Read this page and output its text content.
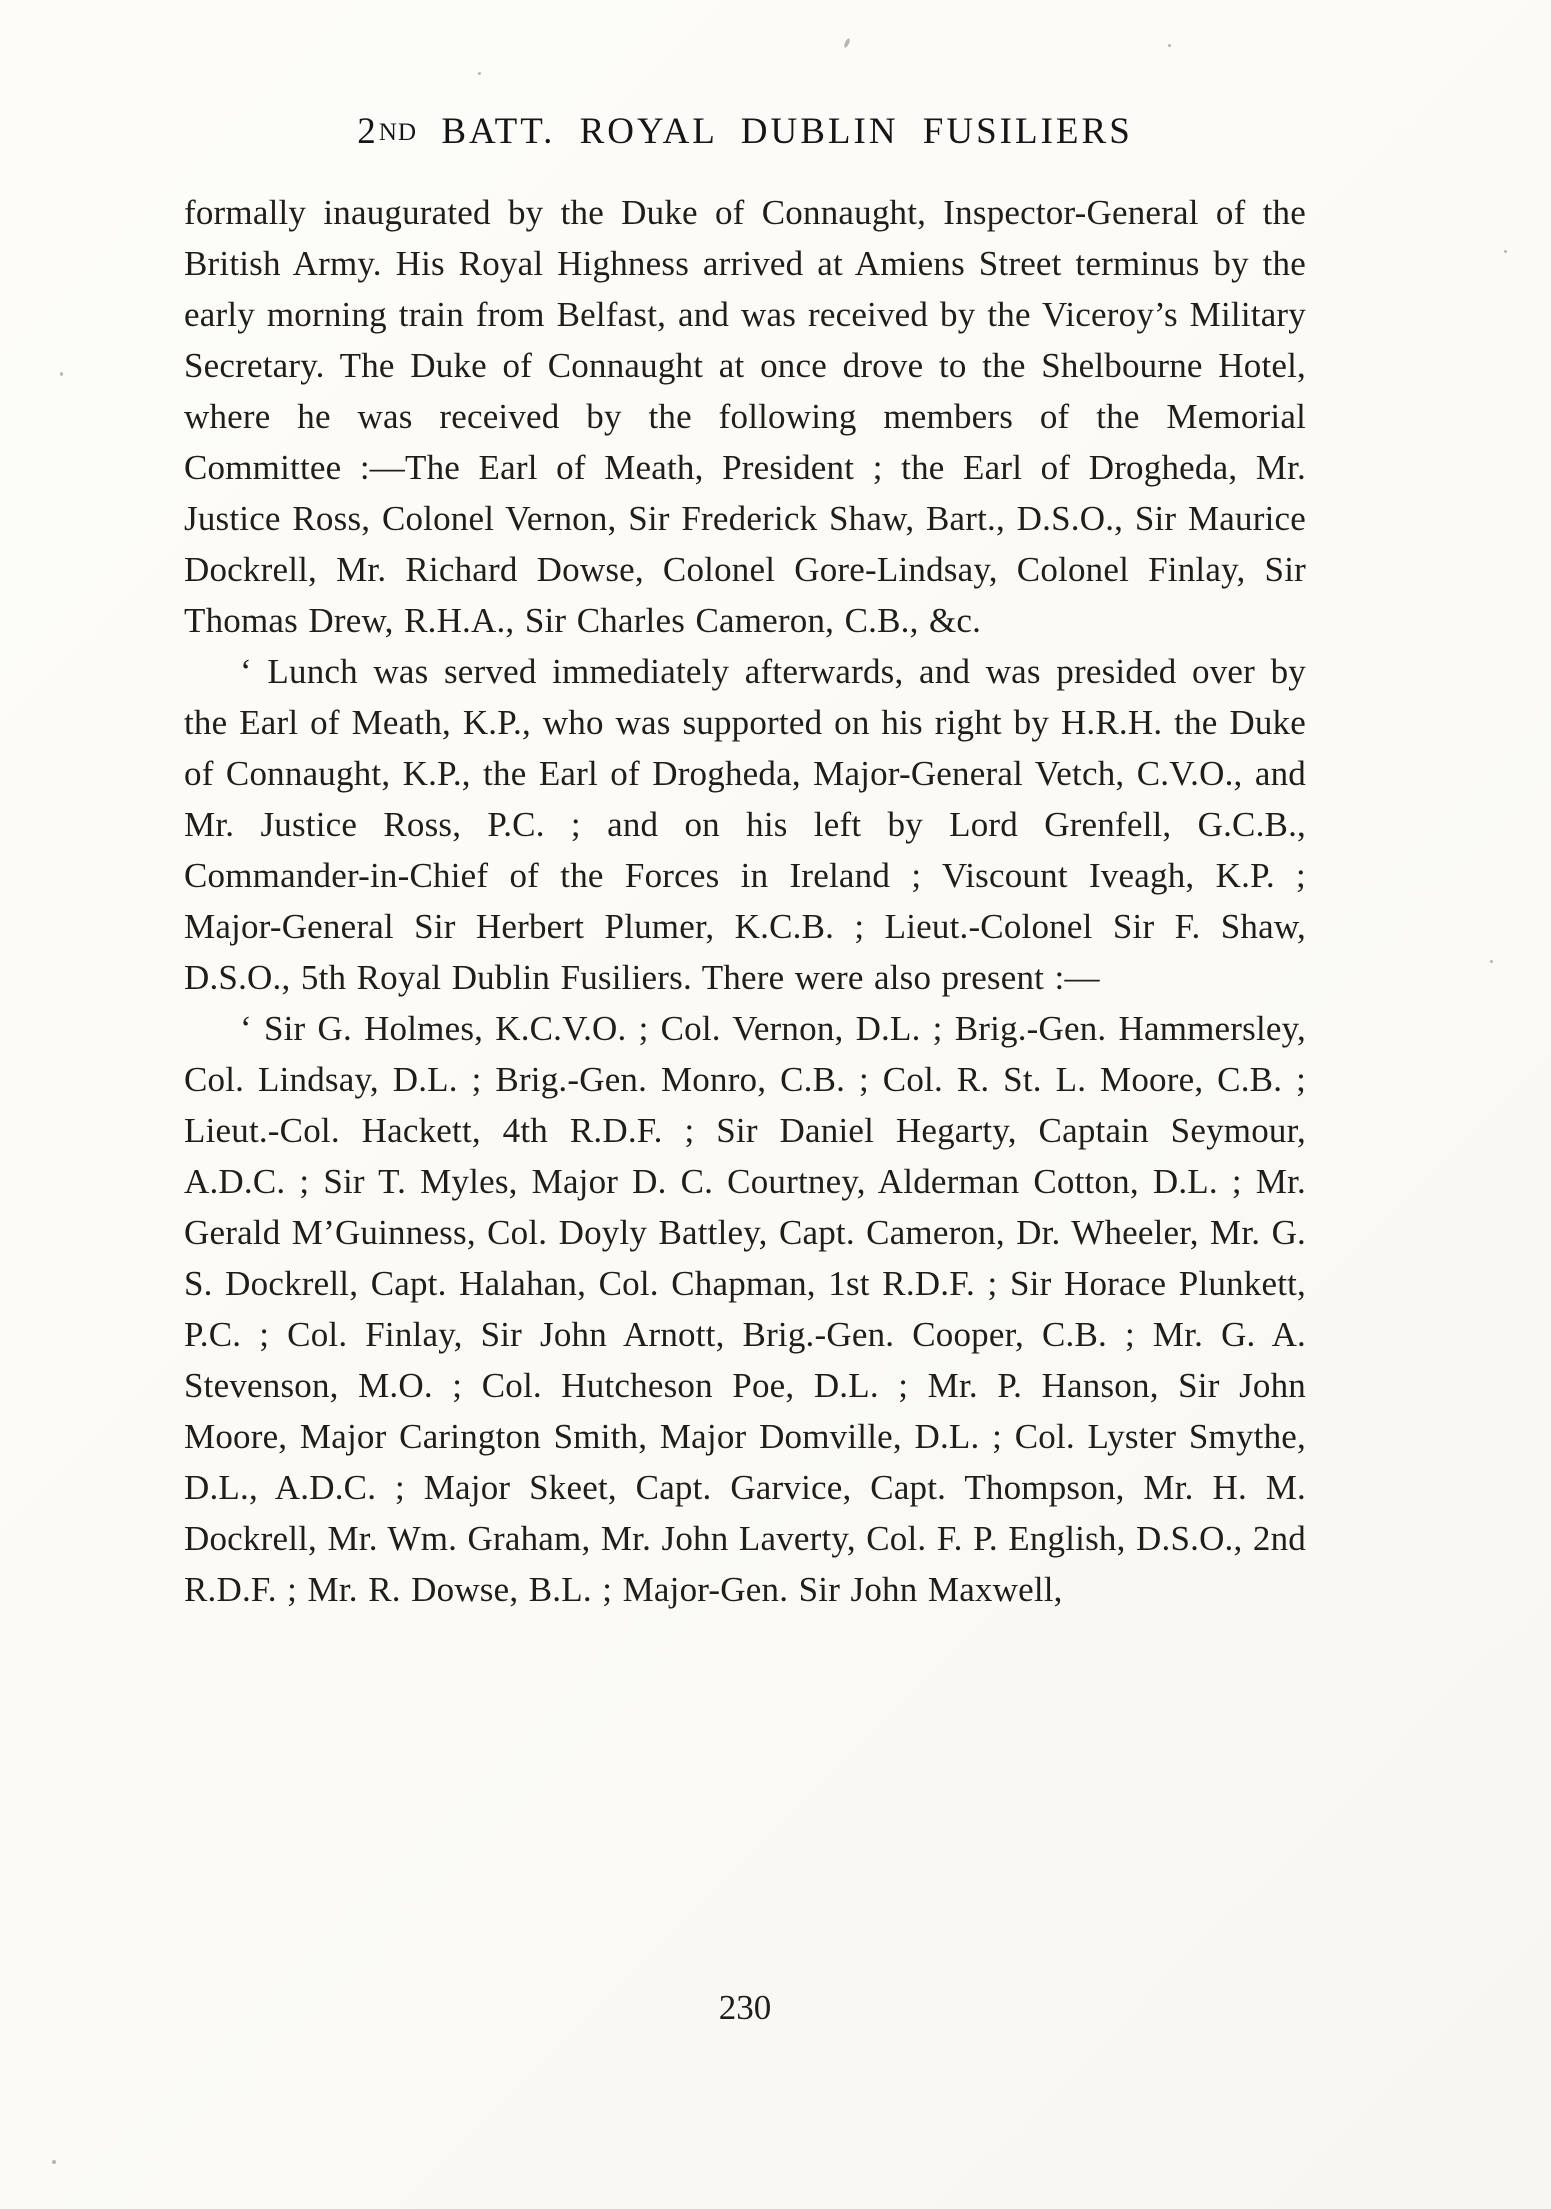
2ND BATT. ROYAL DUBLIN FUSILIERS

formally inaugurated by the Duke of Connaught, Inspector-General of the British Army. His Royal Highness arrived at Amiens Street terminus by the early morning train from Belfast, and was received by the Viceroy’s Military Secretary. The Duke of Connaught at once drove to the Shelbourne Hotel, where he was received by the following members of the Memorial Committee :—The Earl of Meath, President ; the Earl of Drogheda, Mr. Justice Ross, Colonel Vernon, Sir Frederick Shaw, Bart., D.S.O., Sir Maurice Dockrell, Mr. Richard Dowse, Colonel Gore-Lindsay, Colonel Finlay, Sir Thomas Drew, R.H.A., Sir Charles Cameron, C.B., &c.

‘ Lunch was served immediately afterwards, and was presided over by the Earl of Meath, K.P., who was supported on his right by H.R.H. the Duke of Connaught, K.P., the Earl of Drogheda, Major-General Vetch, C.V.O., and Mr. Justice Ross, P.C. ; and on his left by Lord Grenfell, G.C.B., Commander-in-Chief of the Forces in Ireland ; Viscount Iveagh, K.P. ; Major-General Sir Herbert Plumer, K.C.B. ; Lieut.-Colonel Sir F. Shaw, D.S.O., 5th Royal Dublin Fusiliers. There were also present :—

‘ Sir G. Holmes, K.C.V.O. ; Col. Vernon, D.L. ; Brig.-Gen. Hammersley, Col. Lindsay, D.L. ; Brig.-Gen. Monro, C.B. ; Col. R. St. L. Moore, C.B. ; Lieut.-Col. Hackett, 4th R.D.F. ; Sir Daniel Hegarty, Captain Seymour, A.D.C. ; Sir T. Myles, Major D. C. Courtney, Alderman Cotton, D.L. ; Mr. Gerald M’Guinness, Col. Doyly Battley, Capt. Cameron, Dr. Wheeler, Mr. G. S. Dockrell, Capt. Halahan, Col. Chapman, 1st R.D.F. ; Sir Horace Plunkett, P.C. ; Col. Finlay, Sir John Arnott, Brig.-Gen. Cooper, C.B. ; Mr. G. A. Stevenson, M.O. ; Col. Hutcheson Poe, D.L. ; Mr. P. Hanson, Sir John Moore, Major Carington Smith, Major Domville, D.L. ; Col. Lyster Smythe, D.L., A.D.C. ; Major Skeet, Capt. Garvice, Capt. Thompson, Mr. H. M. Dockrell, Mr. Wm. Graham, Mr. John Laverty, Col. F. P. English, D.S.O., 2nd R.D.F. ; Mr. R. Dowse, B.L. ; Major-Gen. Sir John Maxwell,

230
